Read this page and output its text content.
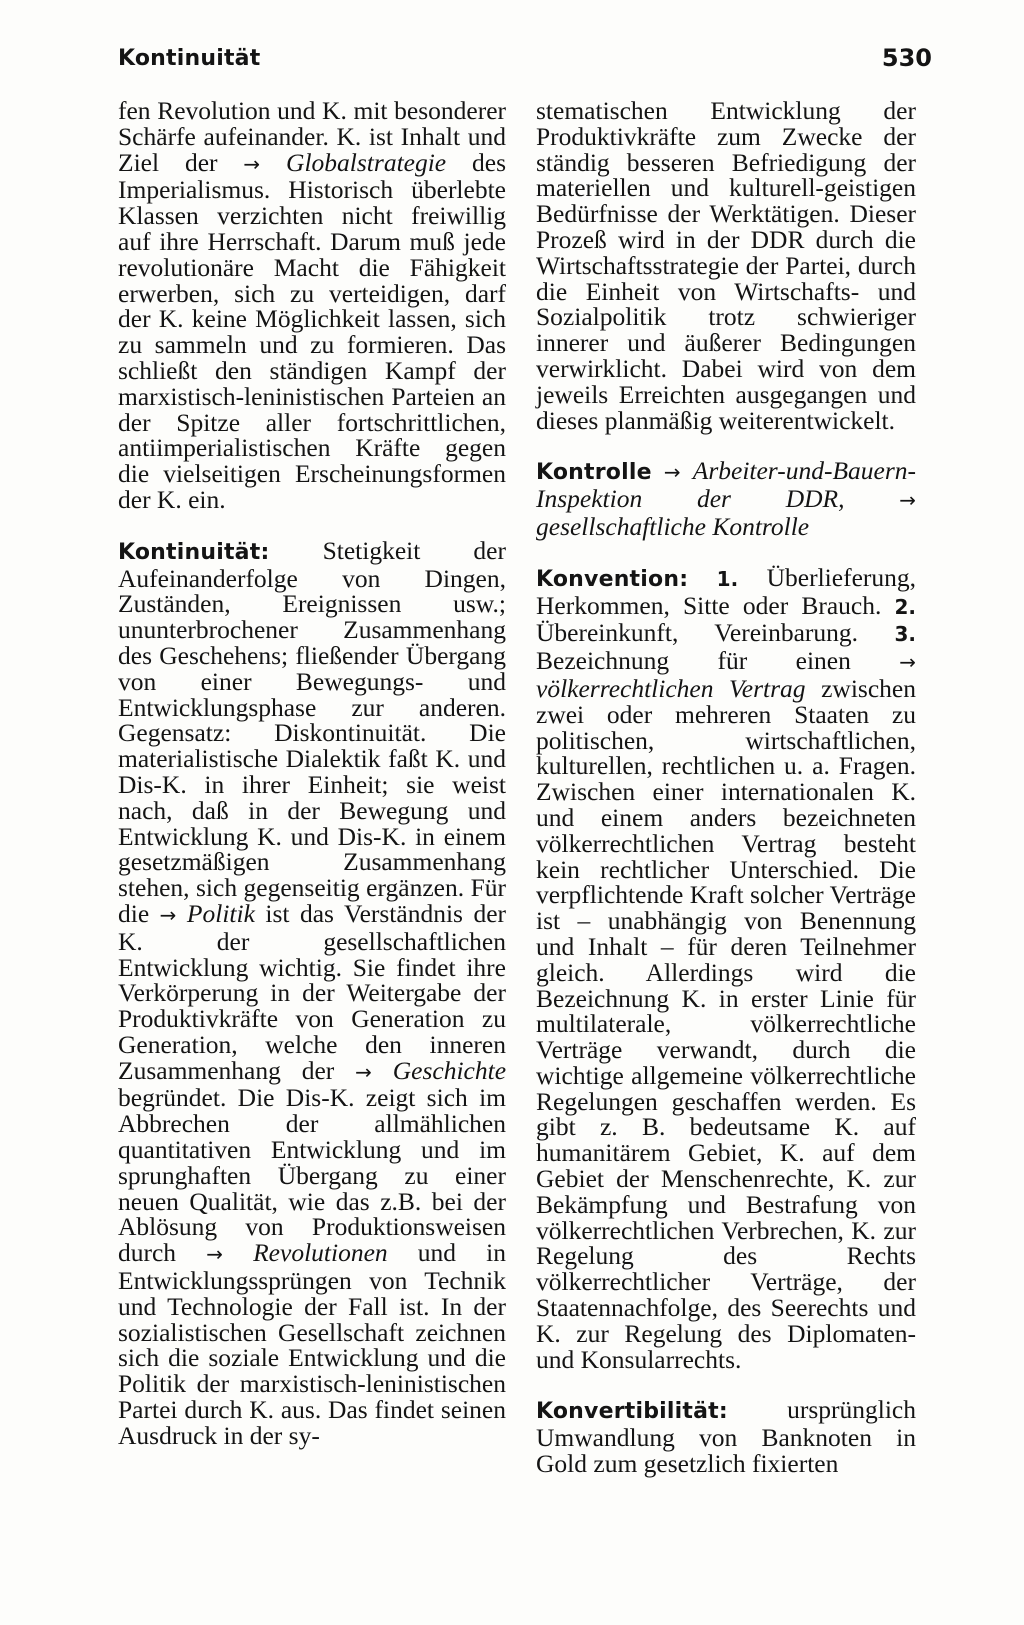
Kontinuität	530

fen Revolution und K. mit besonderer Schärfe aufeinander. K. ist Inhalt und Ziel der → Globalstrategie des Imperialismus. Historisch überlebte Klassen verzichten nicht freiwillig auf ihre Herrschaft. Darum muß jede revolutionäre Macht die Fähigkeit erwerben, sich zu verteidigen, darf der K. keine Möglichkeit lassen, sich zu sammeln und zu formieren. Das schließt den ständigen Kampf der marxistisch-leninistischen Parteien an der Spitze aller fortschrittlichen, antiimperialistischen Kräfte gegen die vielseitigen Erscheinungsformen der K. ein.

Kontinuität: Stetigkeit der Aufeinanderfolge von Dingen, Zuständen, Ereignissen usw.; ununterbrochener Zusammenhang des Geschehens; fließender Übergang von einer Bewegungs- und Entwicklungsphase zur anderen. Gegensatz: Diskontinuität. Die materialistische Dialektik faßt K. und Dis-K. in ihrer Einheit; sie weist nach, daß in der Bewegung und Entwicklung K. und Dis-K. in einem gesetzmäßigen Zusammenhang stehen, sich gegenseitig ergänzen. Für die → Politik ist das Verständnis der K. der gesellschaftlichen Entwicklung wichtig. Sie findet ihre Verkörperung in der Weitergabe der Produktivkräfte von Generation zu Generation, welche den inneren Zusammenhang der → Geschichte begründet. Die Dis-K. zeigt sich im Abbrechen der allmählichen quantitativen Entwicklung und im sprunghaften Übergang zu einer neuen Qualität, wie das z.B. bei der Ablösung von Produktionsweisen durch → Revolutionen und in Entwicklungssprüngen von Technik und Technologie der Fall ist. In der sozialistischen Gesellschaft zeichnen sich die soziale Entwicklung und die Politik der marxistisch-leninistischen Partei durch K. aus. Das findet seinen Ausdruck in der sy-

stematischen Entwicklung der Produktivkräfte zum Zwecke der ständig besseren Befriedigung der materiellen und kulturell-geistigen Bedürfnisse der Werktätigen. Dieser Prozeß wird in der DDR durch die Wirtschaftsstrategie der Partei, durch die Einheit von Wirtschafts- und Sozialpolitik trotz schwieriger innerer und äußerer Bedingungen verwirklicht. Dabei wird von dem jeweils Erreichten ausgegangen und dieses planmäßig weiterentwickelt.

Kontrolle → Arbeiter-und-Bauern-Inspektion der DDR,	→ gesellschaftliche Kontrolle

Konvention: 1. Überlieferung, Herkommen, Sitte oder Brauch. 2. Übereinkunft, Vereinbarung. 3. Bezeichnung für einen → völkerrechtlichen Vertrag zwischen zwei oder mehreren Staaten zu politischen, wirtschaftlichen, kulturellen, rechtlichen u. a. Fragen. Zwischen einer internationalen K. und einem anders bezeichneten völkerrechtlichen Vertrag besteht kein rechtlicher Unterschied. Die verpflichtende Kraft solcher Verträge ist – unabhängig von Benennung und Inhalt – für deren Teilnehmer gleich. Allerdings wird die Bezeichnung K. in erster Linie für multilaterale, völkerrechtliche Verträge verwandt, durch die wichtige allgemeine völkerrechtliche Regelungen geschaffen werden. Es gibt z. B. bedeutsame K. auf humanitärem Gebiet, K. auf dem Gebiet der Menschenrechte, K. zur Bekämpfung und Bestrafung von völkerrechtlichen Verbrechen, K. zur Regelung des Rechts völkerrechtlicher Verträge, der Staatennachfolge, des Seerechts und K. zur Regelung des Diplomaten- und Konsularrechts.

Konvertibilität: ursprünglich Umwandlung von Banknoten in Gold zum gesetzlich fixierten
